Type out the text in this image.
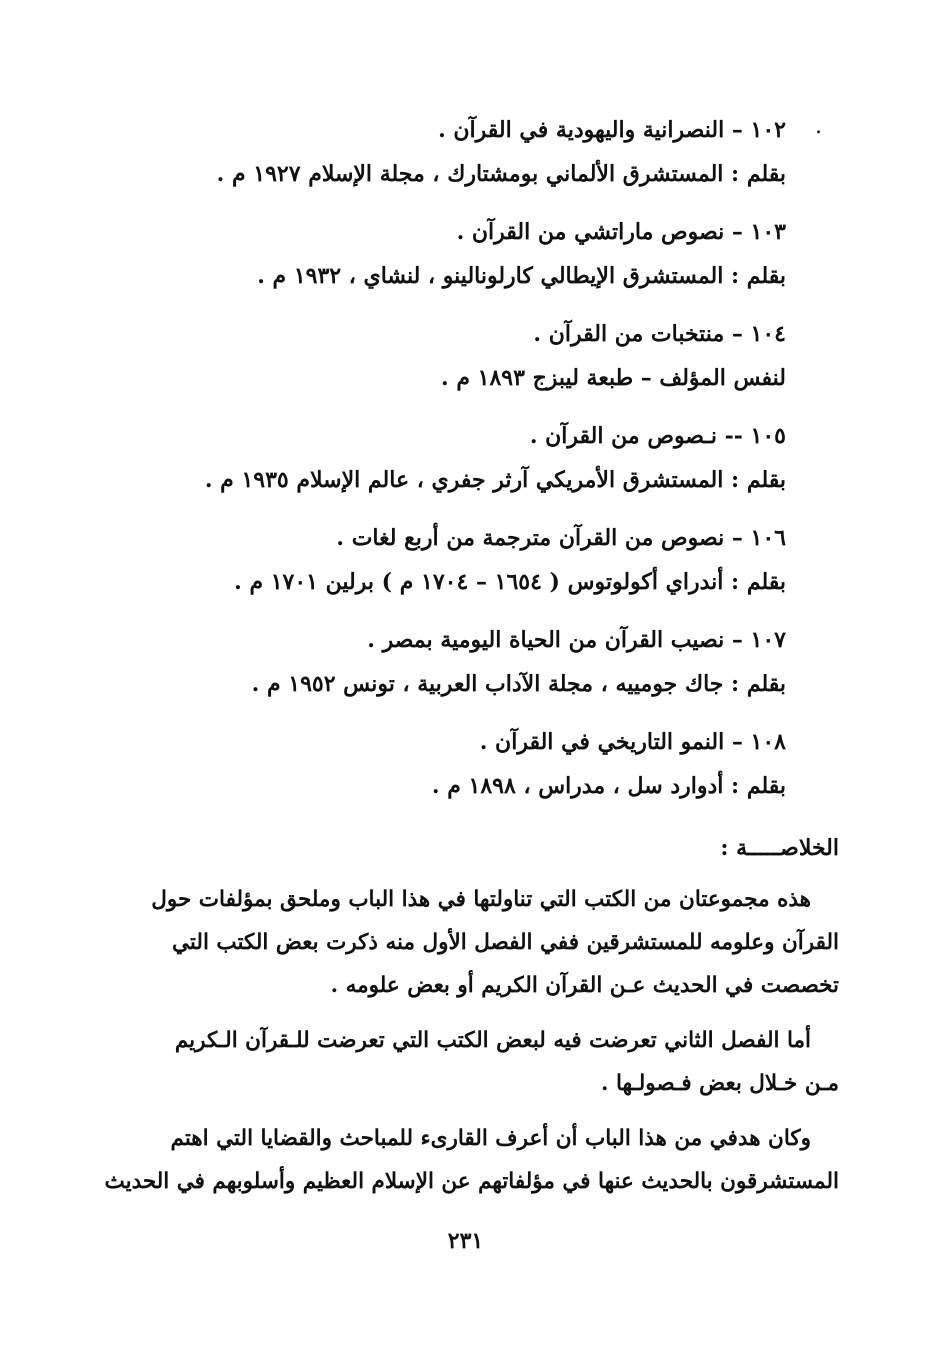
.
١٠٢ – النصرانية واليهودية في القرآن .
بقلم : المستشرق الألماني بومشتارك ، مجلة الإسلام ١٩٢٧ م .
١٠٣ – نصوص ماراتشي من القرآن .
بقلم : المستشرق الإيطالي كارلونالينو ، لنشاي ، ١٩٣٢ م .
١٠٤ – منتخبات من القرآن .
لنفس المؤلف – طبعة ليبزج ١٨٩٣ م .
١٠٥ -- نـصوص من القرآن .
بقلم : المستشرق الأمريكي آرثر جفري ، عالم الإسلام ١٩٣٥ م .
١٠٦ – نصوص من القرآن مترجمة من أربع لغات .
بقلم : أندراي أكولوتوس ( ١٦٥٤ – ١٧٠٤ م ) برلين ١٧٠١ م .
١٠٧ – نصيب القرآن من الحياة اليومية بمصر .
بقلم : جاك جومييه ، مجلة الآداب العربية ، تونس ١٩٥٢ م .
١٠٨ – النمو التاريخي في القرآن .
بقلم : أدوارد سل ، مدراس ، ١٨٩٨ م .
الخلاصـــــة :

هذه مجموعتان من الكتب التي تناولتها في هذا الباب وملحق بمؤلفات حول
القرآن وعلومه للمستشرقين ففي الفصل الأول منه ذكرت بعض الكتب التي
تخصصت في الحديث عـن القرآن الكريم أو بعض علومه .

أما الفصل الثاني تعرضت فيه لبعض الكتب التي تعرضت للـقرآن الـكريم
مـن خـلال بعض فـصولـها .

وكان هدفي من هذا الباب أن أعرف القارىء للمباحث والقضايا التي اهتم
المستشرقون بالحديث عنها في مؤلفاتهم عن الإسلام العظيم وأسلوبهم في الحديث

٢٣١
